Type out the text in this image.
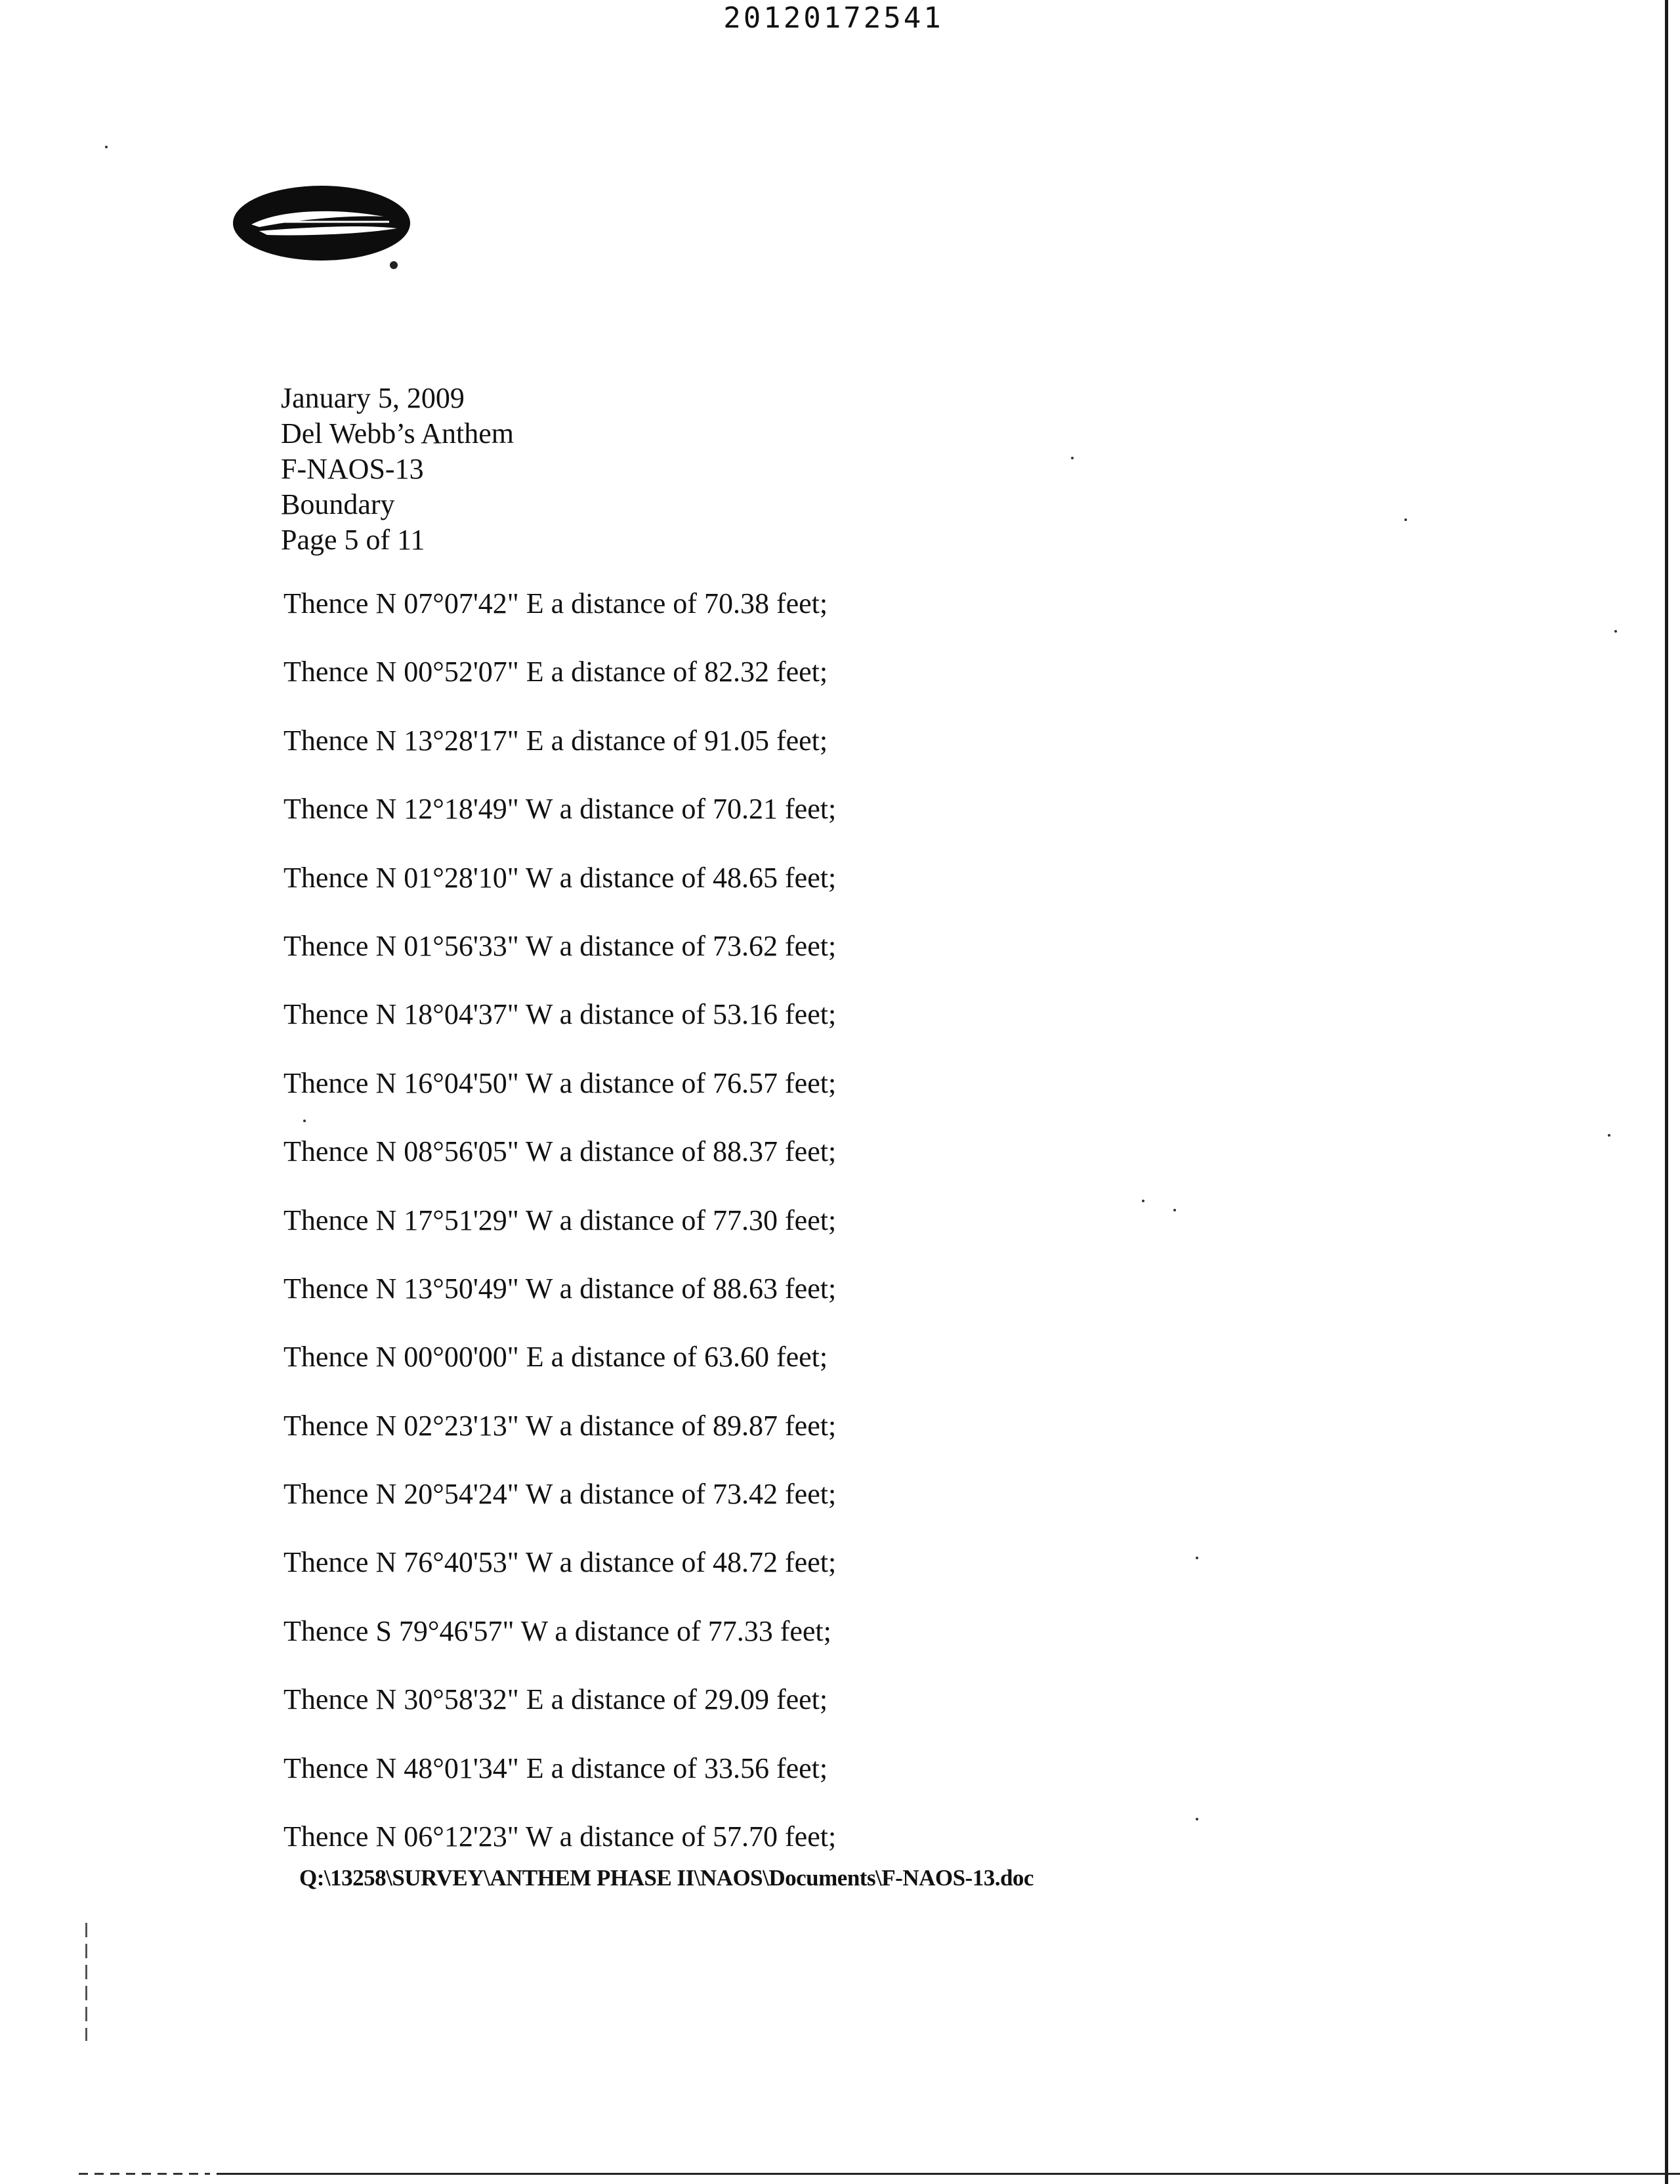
20120172541
January 5, 2009
Del Webb’s Anthem
F-NAOS-13
Boundary
Page 5 of 11
Thence N 07°07'42" E a distance of 70.38 feet;
Thence N 00°52'07" E a distance of 82.32 feet;
Thence N 13°28'17" E a distance of 91.05 feet;
Thence N 12°18'49" W a distance of 70.21 feet;
Thence N 01°28'10" W a distance of 48.65 feet;
Thence N 01°56'33" W a distance of 73.62 feet;
Thence N 18°04'37" W a distance of 53.16 feet;
Thence N 16°04'50" W a distance of 76.57 feet;
Thence N 08°56'05" W a distance of 88.37 feet;
Thence N 17°51'29" W a distance of 77.30 feet;
Thence N 13°50'49" W a distance of 88.63 feet;
Thence N 00°00'00" E a distance of 63.60 feet;
Thence N 02°23'13" W a distance of 89.87 feet;
Thence N 20°54'24" W a distance of 73.42 feet;
Thence N 76°40'53" W a distance of 48.72 feet;
Thence S 79°46'57" W a distance of 77.33 feet;
Thence N 30°58'32" E a distance of 29.09 feet;
Thence N 48°01'34" E a distance of 33.56 feet;
Thence N 06°12'23" W a distance of 57.70 feet;
Q:\13258\SURVEY\ANTHEM PHASE II\NAOS\Documents\F-NAOS-13.doc
